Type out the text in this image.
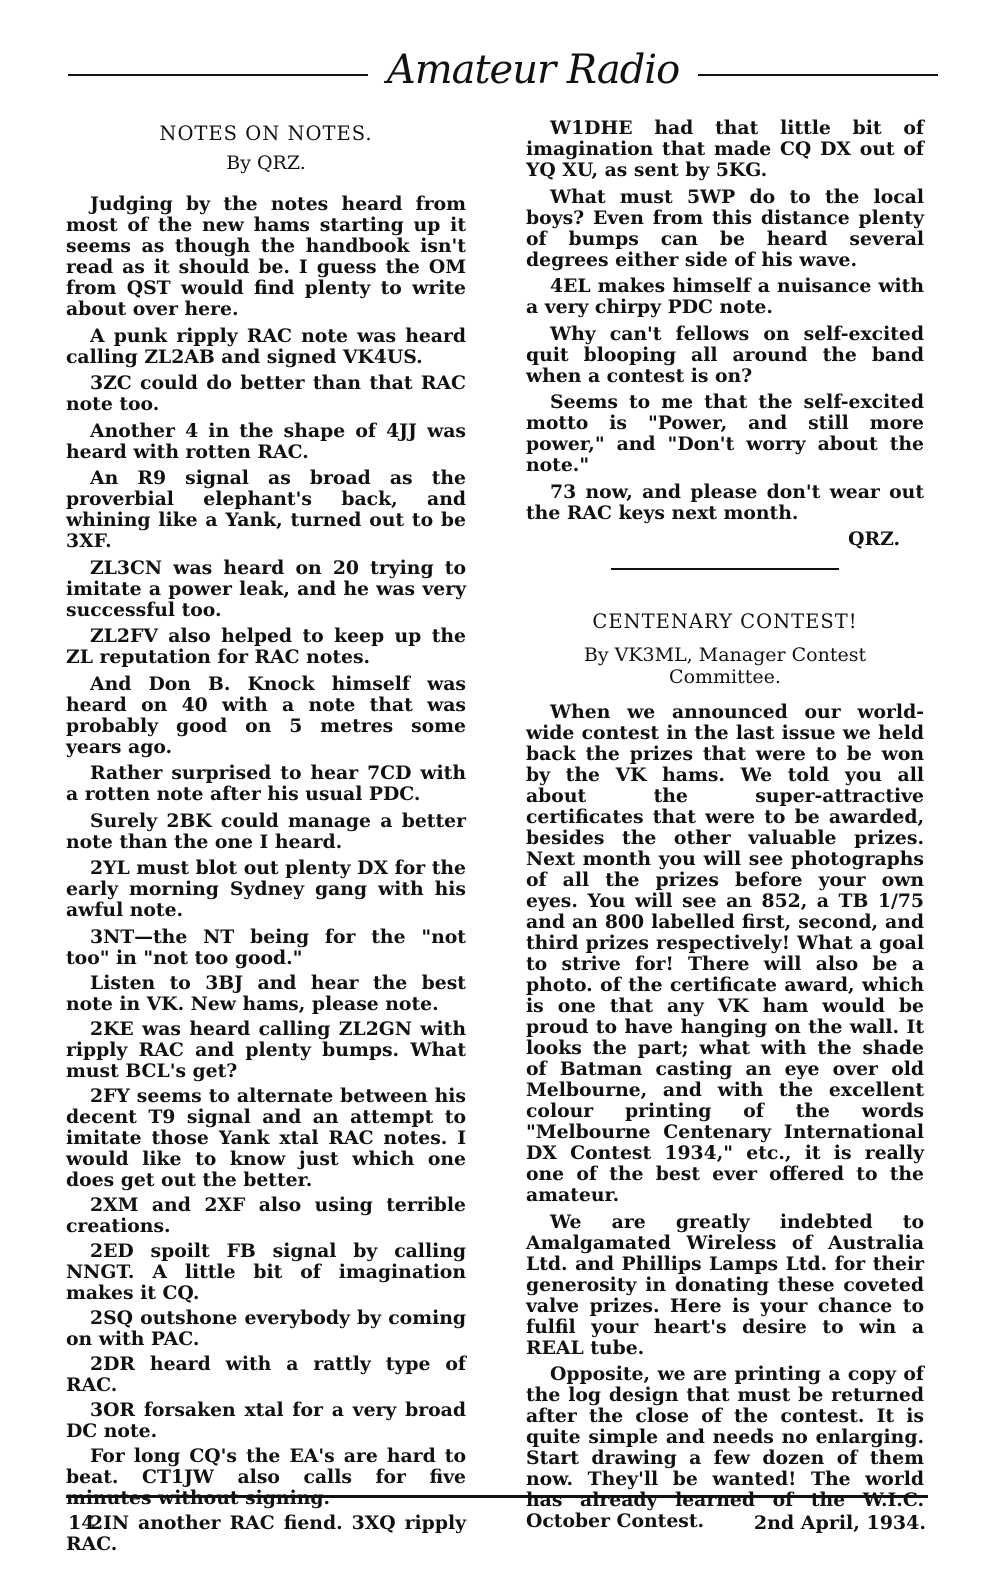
Amateur Radio
NOTES ON NOTES.
By QRZ.

Judging by the notes heard from most of the new hams starting up it seems as though the handbook isn't read as it should be. I guess the OM from QST would find plenty to write about over here.

A punk ripply RAC note was heard calling ZL2AB and signed VK4US.

3ZC could do better than that RAC note too.

Another 4 in the shape of 4JJ was heard with rotten RAC.

An R9 signal as broad as the proverbial elephant's back, and whining like a Yank, turned out to be 3XF.

ZL3CN was heard on 20 trying to imitate a power leak, and he was very successful too.

ZL2FV also helped to keep up the ZL reputation for RAC notes.

And Don B. Knock himself was heard on 40 with a note that was probably good on 5 metres some years ago.

Rather surprised to hear 7CD with a rotten note after his usual PDC.

Surely 2BK could manage a better note than the one I heard.

2YL must blot out plenty DX for the early morning Sydney gang with his awful note.

3NT—the NT being for the "not too" in "not too good."

Listen to 3BJ and hear the best note in VK. New hams, please note.

2KE was heard calling ZL2GN with ripply RAC and plenty bumps. What must BCL's get?

2FY seems to alternate between his decent T9 signal and an attempt to imitate those Yank xtal RAC notes. I would like to know just which one does get out the better.

2XM and 2XF also using terrible creations.

2ED spoilt FB signal by calling NNGT. A little bit of imagination makes it CQ.

2SQ outshone everybody by coming on with PAC.

2DR heard with a rattly type of RAC.

3OR forsaken xtal for a very broad DC note.

For long CQ's the EA's are hard to beat. CT1JW also calls for five minutes without signing.

2IN another RAC fiend. 3XQ ripply RAC.

W1DHE had that little bit of imagination that made CQ DX out of YQ XU, as sent by 5KG.

What must 5WP do to the local boys? Even from this distance plenty of bumps can be heard several degrees either side of his wave.

4EL makes himself a nuisance with a very chirpy PDC note.

Why can't fellows on self-excited quit blooping all around the band when a contest is on?

Seems to me that the self-excited motto is "Power, and still more power," and "Don't worry about the note."

73 now, and please don't wear out the RAC keys next month.

QRZ.
CENTENARY CONTEST!
By VK3ML, Manager Contest Committee.

When we announced our world-wide contest in the last issue we held back the prizes that were to be won by the VK hams. We told you all about the super-attractive certificates that were to be awarded, besides the other valuable prizes. Next month you will see photographs of all the prizes before your own eyes. You will see an 852, a TB 1/75 and an 800 labelled first, second, and third prizes respectively! What a goal to strive for! There will also be a photo. of the certificate award, which is one that any VK ham would be proud to have hanging on the wall. It looks the part; what with the shade of Batman casting an eye over old Melbourne, and with the excellent colour printing of the words "Melbourne Centenary International DX Contest 1934," etc., it is really one of the best ever offered to the amateur.

We are greatly indebted to Amalgamated Wireless of Australia Ltd. and Phillips Lamps Ltd. for their generosity in donating these coveted valve prizes. Here is your chance to fulfil your heart's desire to win a REAL tube.

Opposite, we are printing a copy of the log design that must be returned after the close of the contest. It is quite simple and needs no enlarging. Start drawing a few dozen of them now. They'll be wanted! The world has already learned of the W.I.C. October Contest.

14	2nd April, 1934.
